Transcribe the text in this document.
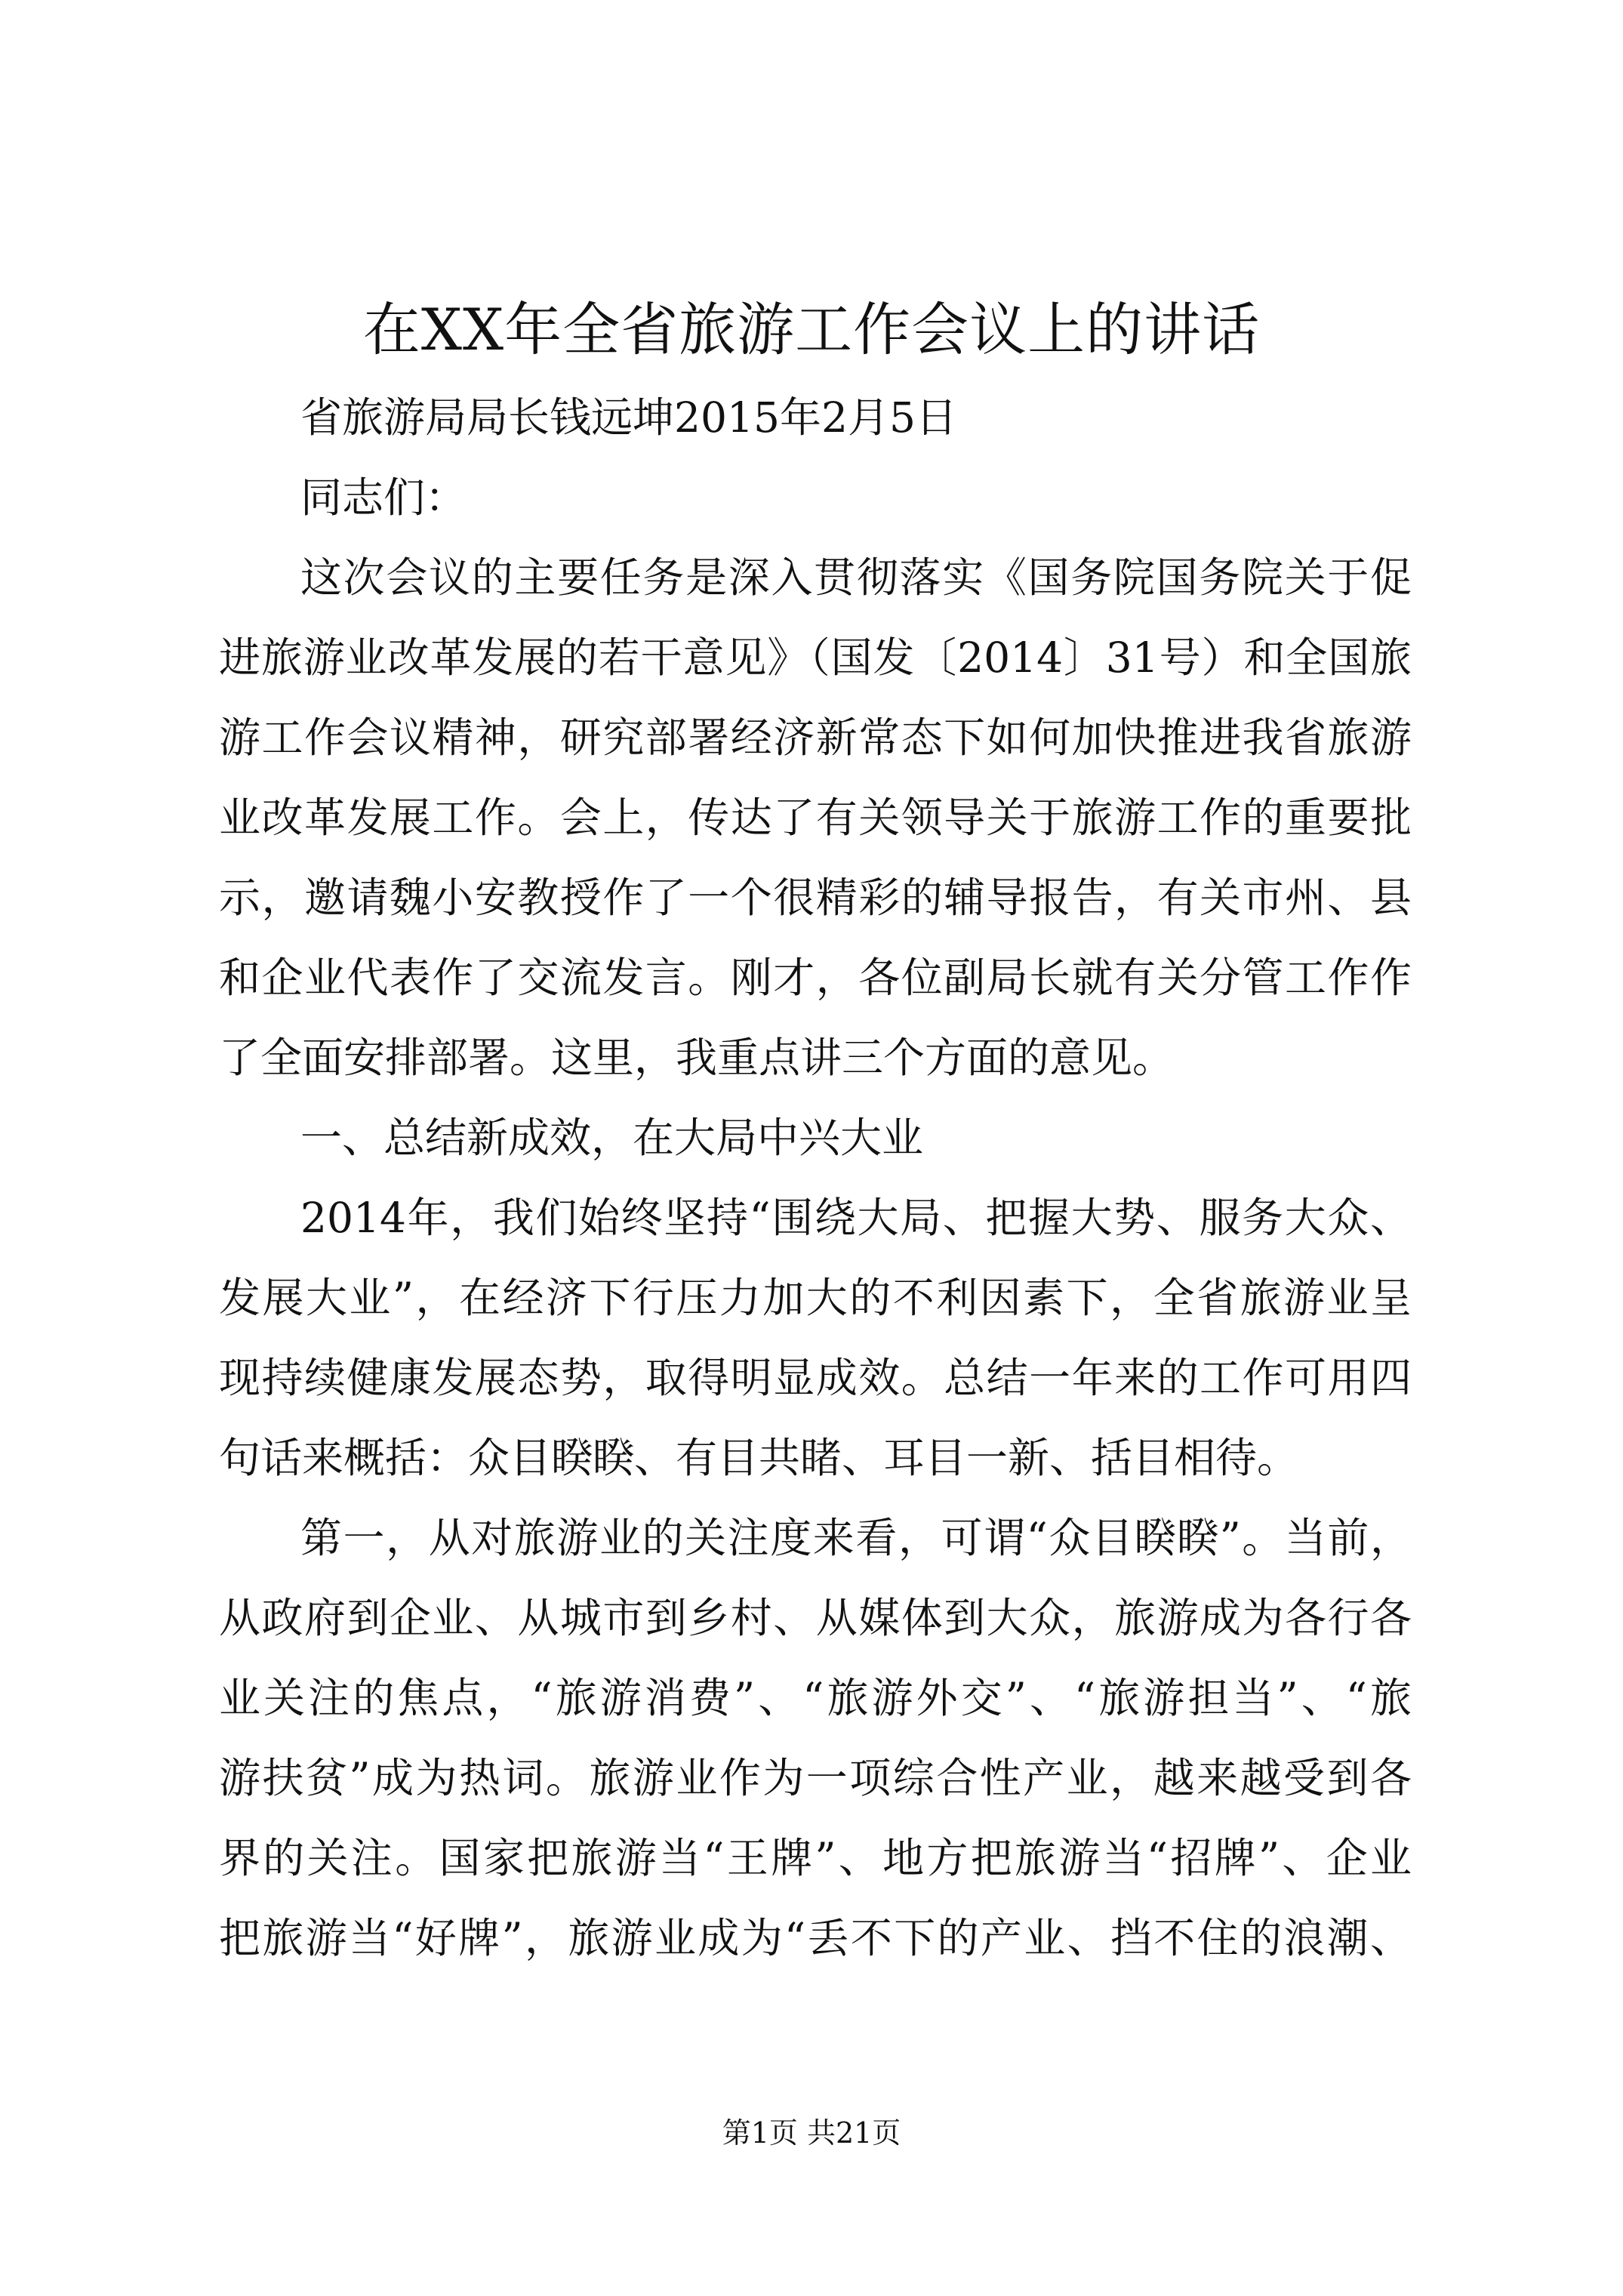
在XX年全省旅游工作会议上的讲话
省旅游局局长钱远坤2015年2月5日
同志们：
这次会议的主要任务是深入贯彻落实《国务院国务院关于促
进旅游业改革发展的若干意见》（国发〔2014〕31号）和全国旅
游工作会议精神，研究部署经济新常态下如何加快推进我省旅游
业改革发展工作。会上，传达了有关领导关于旅游工作的重要批
示，邀请魏小安教授作了一个很精彩的辅导报告，有关市州、县
和企业代表作了交流发言。刚才，各位副局长就有关分管工作作
了全面安排部署。这里，我重点讲三个方面的意见。
一、总结新成效，在大局中兴大业
2014年，我们始终坚持“围绕大局、把握大势、服务大众、
发展大业”，在经济下行压力加大的不利因素下，全省旅游业呈
现持续健康发展态势，取得明显成效。总结一年来的工作可用四
句话来概括：众目睽睽、有目共睹、耳目一新、括目相待。
第一，从对旅游业的关注度来看，可谓“众目睽睽”。当前，
从政府到企业、从城市到乡村、从媒体到大众，旅游成为各行各
业关注的焦点，“旅游消费”、“旅游外交”、“旅游担当”、“旅
游扶贫”成为热词。旅游业作为一项综合性产业，越来越受到各
界的关注。国家把旅游当“王牌”、地方把旅游当“招牌”、企业
把旅游当“好牌”，旅游业成为“丢不下的产业、挡不住的浪潮、
第1页 共21页
